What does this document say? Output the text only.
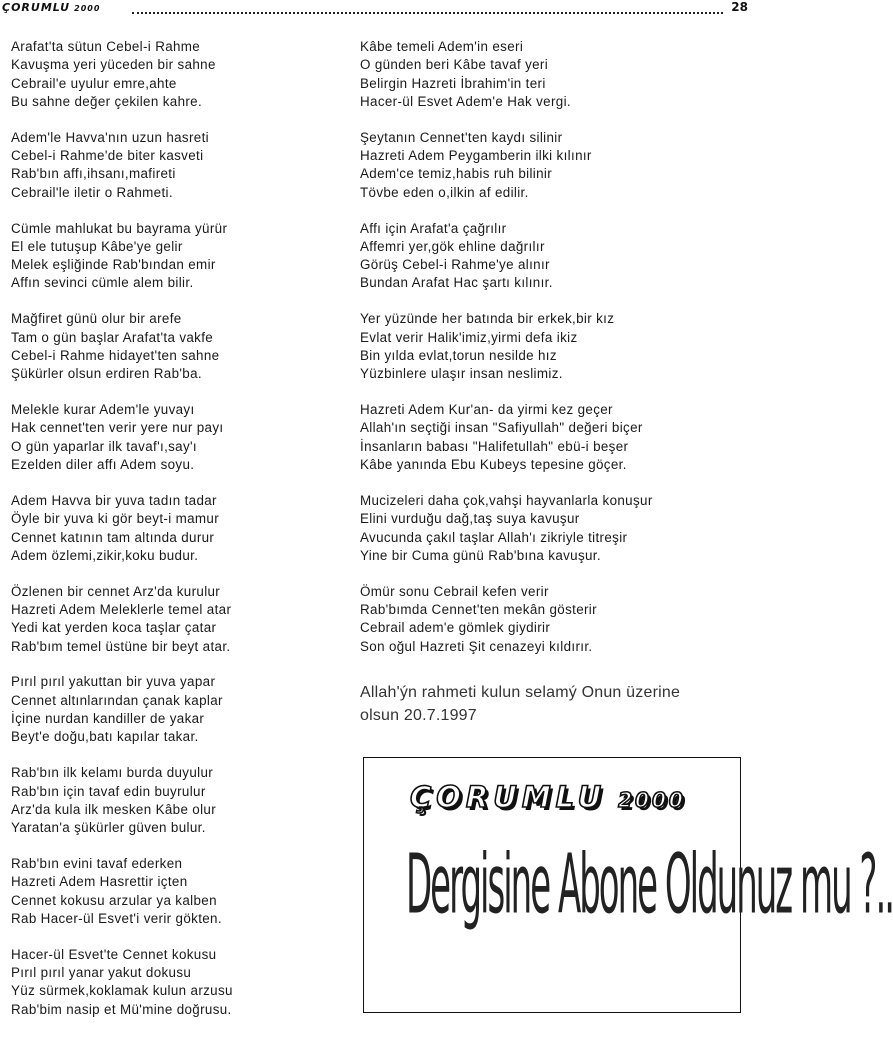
ÇORUMLU 2000	28
Arafat'ta sütun Cebel-i Rahme
Kavuşma yeri yüceden bir sahne
Cebrail'e uyulur emre,ahte
Bu sahne değer çekilen kahre.
Adem'le Havva'nın uzun hasreti
Cebel-i Rahme'de biter kasveti
Rab'bın affı,ihsanı,mafireti
Cebrail'le iletir o Rahmeti.
Cümle mahlukat bu bayrama yürür
El ele tutuşup Kâbe'ye gelir
Melek eşliğinde Rab'bından emir
Affın sevinci cümle alem bilir.
Mağfiret günü olur bir arefe
Tam o gün başlar Arafat'ta vakfe
Cebel-i Rahme hidayet'ten sahne
Şükürler olsun erdiren Rab'ba.
Melekle kurar Adem'le yuvayı
Hak cennet'ten verir yere nur payı
O gün yaparlar ilk tavaf'ı,say'ı
Ezelden diler affı Adem soyu.
Adem Havva bir yuva tadın tadar
Öyle bir yuva ki gör beyt-i mamur
Cennet katının tam altında durur
Adem özlemi,zikir,koku budur.
Özlenen bir cennet Arz'da kurulur
Hazreti Adem Meleklerle temel atar
Yedi kat yerden koca taşlar çatar
Rab'bım temel üstüne bir beyt atar.
Pırıl pırıl yakuttan bir yuva yapar
Cennet altınlarından çanak kaplar
İçine nurdan kandiller de yakar
Beyt'e doğu,batı kapılar takar.
Rab'bın ilk kelamı burda duyulur
Rab'bın için tavaf edin buyrulur
Arz'da kula ilk mesken Kâbe olur
Yaratan'a şükürler güven bulur.
Rab'bın evini tavaf ederken
Hazreti Adem Hasrettir içten
Cennet kokusu arzular ya kalben
Rab Hacer-ül Esvet'i verir gökten.
Hacer-ül Esvet'te Cennet kokusu
Pırıl pırıl yanar yakut dokusu
Yüz sürmek,koklamak kulun arzusu
Rab'bim nasip et Mü'mine doğrusu.
Kâbe temeli Adem'in eseri
O günden beri Kâbe tavaf yeri
Belirgin Hazreti İbrahim'in teri
Hacer-ül Esvet Adem'e Hak vergi.
Şeytanın Cennet'ten kaydı silinir
Hazreti Adem Peygamberin ilki kılınır
Adem'ce temiz,habis ruh bilinir
Tövbe eden o,ilkin af edilir.
Affı için Arafat'a çağrılır
Affemri yer,gök ehline dağrılır
Görüş Cebel-i Rahme'ye alınır
Bundan Arafat Hac şartı kılınır.
Yer yüzünde her batında bir erkek,bir kız
Evlat verir Halik'imiz,yirmi defa ikiz
Bin yılda evlat,torun nesilde hız
Yüzbinlere ulaşır insan neslimiz.
Hazreti Adem Kur'an- da yirmi kez geçer
Allah'ın seçtiği insan "Safiyullah" değeri biçer
İnsanların babası "Halifetullah" ebü-i beşer
Kâbe yanında Ebu Kubeys tepesine göçer.
Mucizeleri daha çok,vahşi hayvanlarla konuşur
Elini vurduğu dağ,taş suya kavuşur
Avucunda çakıl taşlar Allah'ı zikriyle titreşir
Yine bir Cuma günü Rab'bına kavuşur.
Ömür sonu Cebrail kefen verir
Rab'bımda Cennet'ten mekân gösterir
Cebrail adem'e gömlek giydirir
Son oğul Hazreti Şit cenazeyi kıldırır.
Allah'ýn rahmeti kulun selamý Onun üzerine
olsun 20.7.1997
ÇORUMLU 2000
Dergisine Abone Oldunuz mu ?..
